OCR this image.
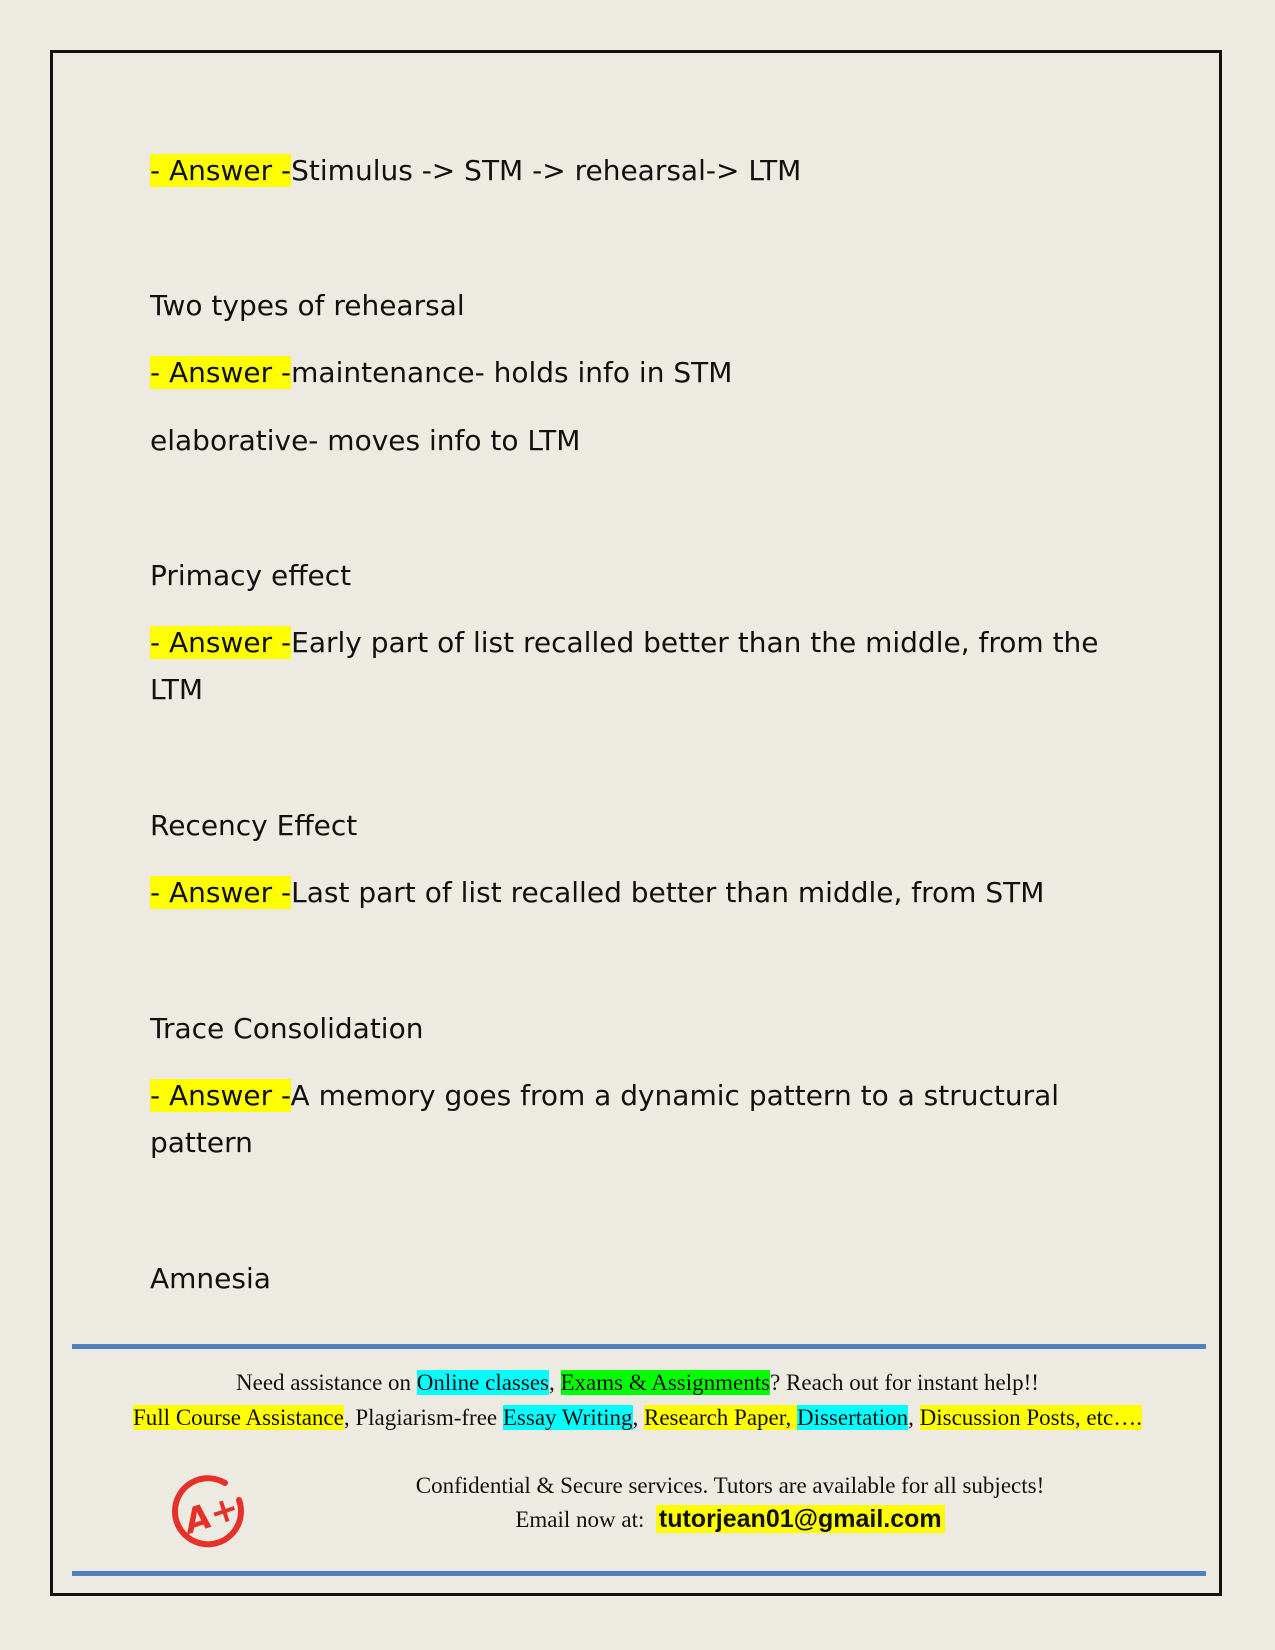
- Answer -Stimulus -> STM -> rehearsal-> LTM
Two types of rehearsal
- Answer -maintenance- holds info in STM
elaborative- moves info to LTM
Primacy effect
- Answer -Early part of list recalled better than the middle, from the
LTM
Recency Effect
- Answer -Last part of list recalled better than middle, from STM
Trace Consolidation
- Answer -A memory goes from a dynamic pattern to a structural
pattern
Amnesia
Need assistance on Online classes, Exams & Assignments? Reach out for instant help!!
Full Course Assistance, Plagiarism-free Essay Writing, Research Paper, Dissertation, Discussion Posts, etc….
A+
Confidential & Secure services. Tutors are available for all subjects!
Email now at: tutorjean01@gmail.com
